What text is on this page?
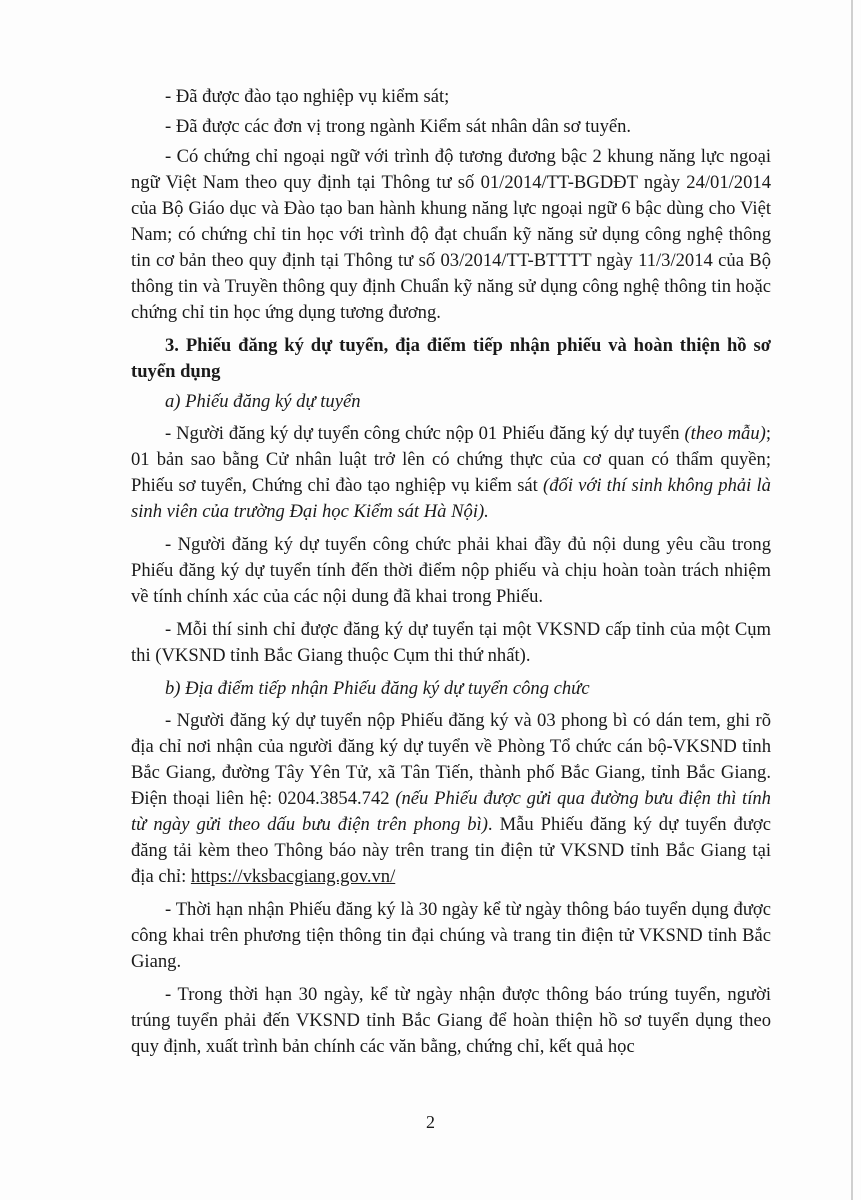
- Đã được đào tạo nghiệp vụ kiểm sát;

- Đã được các đơn vị trong ngành Kiểm sát nhân dân sơ tuyển.

- Có chứng chỉ ngoại ngữ với trình độ tương đương bậc 2 khung năng lực ngoại ngữ Việt Nam theo quy định tại Thông tư số 01/2014/TT-BGDĐT ngày 24/01/2014 của Bộ Giáo dục và Đào tạo ban hành khung năng lực ngoại ngữ 6 bậc dùng cho Việt Nam; có chứng chỉ tin học với trình độ đạt chuẩn kỹ năng sử dụng công nghệ thông tin cơ bản theo quy định tại Thông tư số 03/2014/TT-BTTTT ngày 11/3/2014 của Bộ thông tin và Truyền thông quy định Chuẩn kỹ năng sử dụng công nghệ thông tin hoặc chứng chỉ tin học ứng dụng tương đương.

3. Phiếu đăng ký dự tuyển, địa điểm tiếp nhận phiếu và hoàn thiện hồ sơ tuyển dụng

a) Phiếu đăng ký dự tuyển

- Người đăng ký dự tuyển công chức nộp 01 Phiếu đăng ký dự tuyển (theo mẫu); 01 bản sao bằng Cử nhân luật trở lên có chứng thực của cơ quan có thẩm quyền; Phiếu sơ tuyển, Chứng chỉ đào tạo nghiệp vụ kiểm sát (đối với thí sinh không phải là sinh viên của trường Đại học Kiểm sát Hà Nội).

- Người đăng ký dự tuyển công chức phải khai đầy đủ nội dung yêu cầu trong Phiếu đăng ký dự tuyển tính đến thời điểm nộp phiếu và chịu hoàn toàn trách nhiệm về tính chính xác của các nội dung đã khai trong Phiếu.

- Mỗi thí sinh chỉ được đăng ký dự tuyển tại một VKSND cấp tỉnh của một Cụm thi (VKSND tỉnh Bắc Giang thuộc Cụm thi thứ nhất).

b) Địa điểm tiếp nhận Phiếu đăng ký dự tuyển công chức

- Người đăng ký dự tuyển nộp Phiếu đăng ký và 03 phong bì có dán tem, ghi rõ địa chỉ nơi nhận của người đăng ký dự tuyển về Phòng Tổ chức cán bộ-VKSND tỉnh Bắc Giang, đường Tây Yên Tử, xã Tân Tiến, thành phố Bắc Giang, tỉnh Bắc Giang. Điện thoại liên hệ: 0204.3854.742 (nếu Phiếu được gửi qua đường bưu điện thì tính từ ngày gửi theo dấu bưu điện trên phong bì). Mẫu Phiếu đăng ký dự tuyển được đăng tải kèm theo Thông báo này trên trang tin điện tử VKSND tỉnh Bắc Giang tại địa chỉ: https://vksbacgiang.gov.vn/

- Thời hạn nhận Phiếu đăng ký là 30 ngày kể từ ngày thông báo tuyển dụng được công khai trên phương tiện thông tin đại chúng và trang tin điện tử VKSND tỉnh Bắc Giang.

- Trong thời hạn 30 ngày, kể từ ngày nhận được thông báo trúng tuyển, người trúng tuyển phải đến VKSND tỉnh Bắc Giang để hoàn thiện hồ sơ tuyển dụng theo quy định, xuất trình bản chính các văn bằng, chứng chỉ, kết quả học

2
